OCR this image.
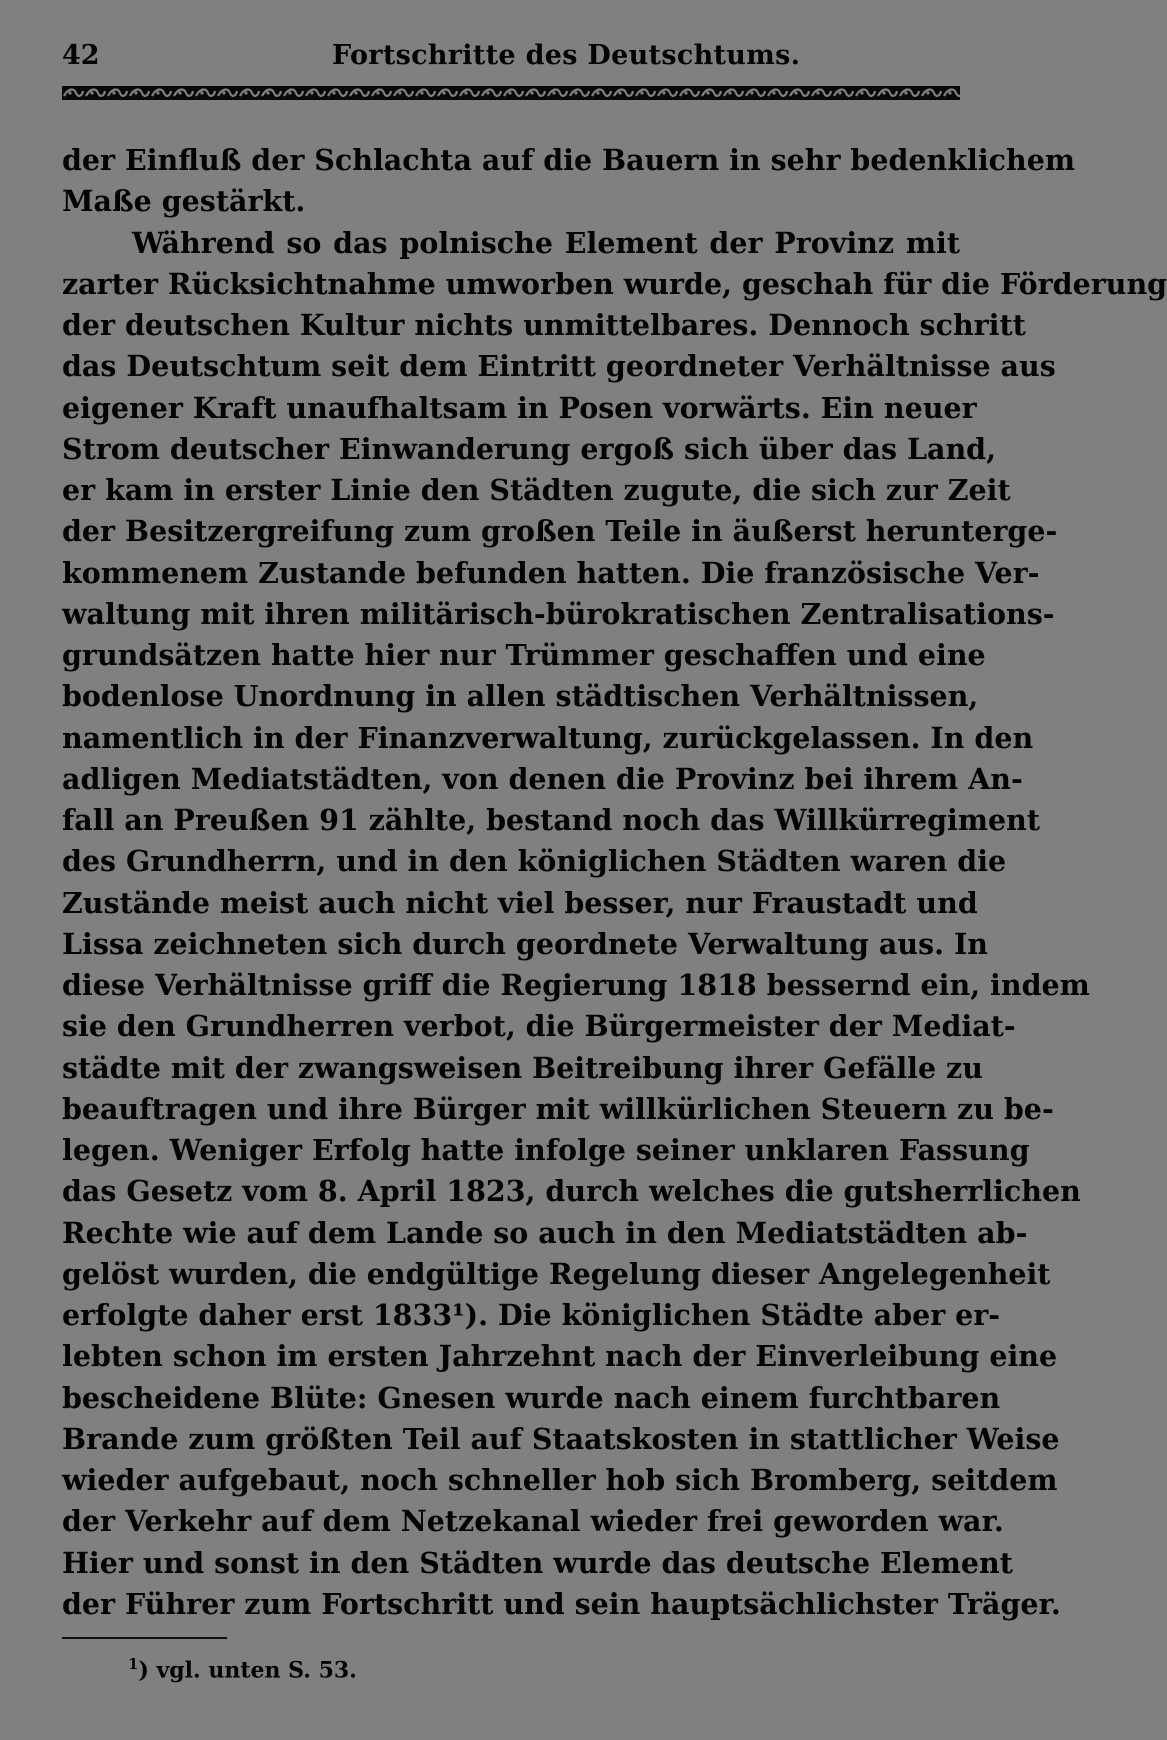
42	Fortschritte des Deutschtums.
der Einfluß der Schlachta auf die Bauern in sehr bedenklichem
Maße gestärkt.
Während so das polnische Element der Provinz mit
zarter Rücksichtnahme umworben wurde, geschah für die Förderung
der deutschen Kultur nichts unmittelbares. Dennoch schritt
das Deutschtum seit dem Eintritt geordneter Verhältnisse aus
eigener Kraft unaufhaltsam in Posen vorwärts. Ein neuer
Strom deutscher Einwanderung ergoß sich über das Land,
er kam in erster Linie den Städten zugute, die sich zur Zeit
der Besitzergreifung zum großen Teile in äußerst herunterge-
kommenem Zustande befunden hatten. Die französische Ver-
waltung mit ihren militärisch-bürokratischen Zentralisations-
grundsätzen hatte hier nur Trümmer geschaffen und eine
bodenlose Unordnung in allen städtischen Verhältnissen,
namentlich in der Finanzverwaltung, zurückgelassen. In den
adligen Mediatstädten, von denen die Provinz bei ihrem An-
fall an Preußen 91 zählte, bestand noch das Willkürregiment
des Grundherrn, und in den königlichen Städten waren die
Zustände meist auch nicht viel besser, nur Fraustadt und
Lissa zeichneten sich durch geordnete Verwaltung aus. In
diese Verhältnisse griff die Regierung 1818 bessernd ein, indem
sie den Grundherren verbot, die Bürgermeister der Mediat-
städte mit der zwangsweisen Beitreibung ihrer Gefälle zu
beauftragen und ihre Bürger mit willkürlichen Steuern zu be-
legen. Weniger Erfolg hatte infolge seiner unklaren Fassung
das Gesetz vom 8. April 1823, durch welches die gutsherrlichen
Rechte wie auf dem Lande so auch in den Mediatstädten ab-
gelöst wurden, die endgültige Regelung dieser Angelegenheit
erfolgte daher erst 1833¹). Die königlichen Städte aber er-
lebten schon im ersten Jahrzehnt nach der Einverleibung eine
bescheidene Blüte: Gnesen wurde nach einem furchtbaren
Brande zum größten Teil auf Staatskosten in stattlicher Weise
wieder aufgebaut, noch schneller hob sich Bromberg, seitdem
der Verkehr auf dem Netzekanal wieder frei geworden war.
Hier und sonst in den Städten wurde das deutsche Element
der Führer zum Fortschritt und sein hauptsächlichster Träger.
$^1$) vgl. unten S. 53.
